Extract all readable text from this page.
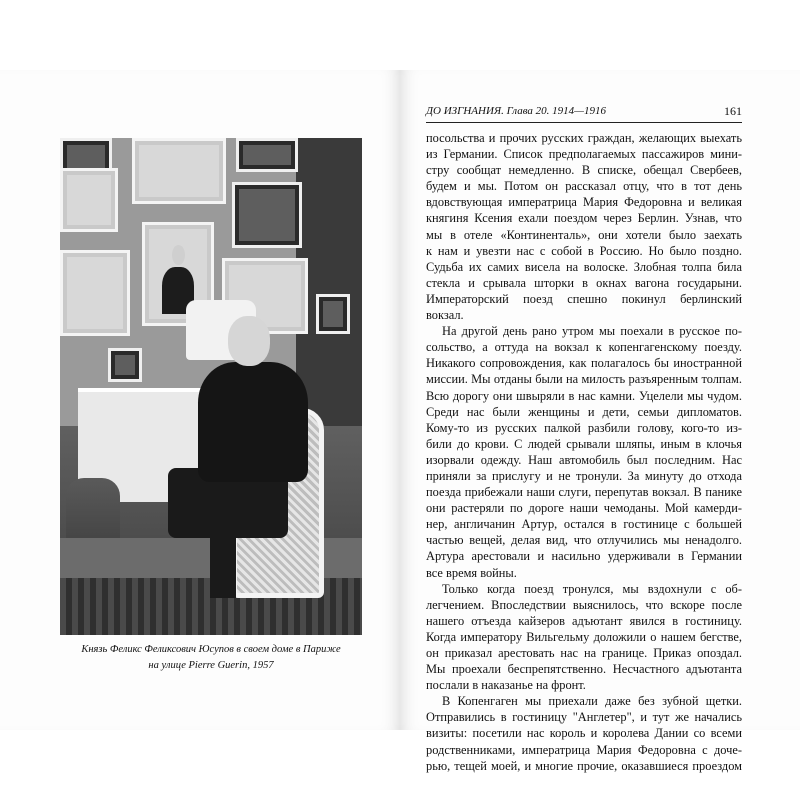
Князь Феликс Феликсович Юсупов в своем доме в Париже
на улице Pierre Guerin, 1957
ДО ИЗГНАНИЯ. Глава 20. 1914—1916	161
посольства и прочих русских граждан, желающих выехать
из Германии. Список предполагаемых пассажиров мини-
стру сообщат немедленно. В списке, обещал Свербеев,
будем и мы. Потом он рассказал отцу, что в тот день
вдовствующая императрица Мария Федоровна и великая
княгиня Ксения ехали поездом через Берлин. Узнав, что
мы в отеле «Континенталь», они хотели было заехать
к нам и увезти нас с собой в Россию. Но было поздно.
Судьба их самих висела на волоске. Злобная толпа била
стекла и срывала шторки в окнах вагона государыни.
Императорский поезд спешно покинул берлинский
вокзал.
На другой день рано утром мы поехали в русское по-
сольство, а оттуда на вокзал к копенгагенскому поезду.
Никакого сопровождения, как полагалось бы иностранной
миссии. Мы отданы были на милость разъяренным толпам.
Всю дорогу они швыряли в нас камни. Уцелели мы чудом.
Среди нас были женщины и дети, семьи дипломатов.
Кому-то из русских палкой разбили голову, кого-то из-
били до крови. С людей срывали шляпы, иным в клочья
изорвали одежду. Наш автомобиль был последним. Нас
приняли за прислугу и не тронули. За минуту до отхода
поезда прибежали наши слуги, перепутав вокзал. В панике
они растеряли по дороге наши чемоданы. Мой камерди-
нер, англичанин Артур, остался в гостинице с большей
частью вещей, делая вид, что отлучились мы ненадолго.
Артура арестовали и насильно удерживали в Германии
все время войны.
Только когда поезд тронулся, мы вздохнули с об-
легчением. Впоследствии выяснилось, что вскоре после
нашего отъезда кайзеров адъютант явился в гостиницу.
Когда императору Вильгельму доложили о нашем бегстве,
он приказал арестовать нас на границе. Приказ опоздал.
Мы проехали беспрепятственно. Несчастного адъютанта
послали в наказанье на фронт.
В Копенгаген мы приехали даже без зубной щетки.
Отправились в гостиницу "Англетер", и тут же начались
визиты: посетили нас король и королева Дании со всеми
родственниками, императрица Мария Федоровна с доче-
рью, тещей моей, и многие прочие, оказавшиеся проездом
